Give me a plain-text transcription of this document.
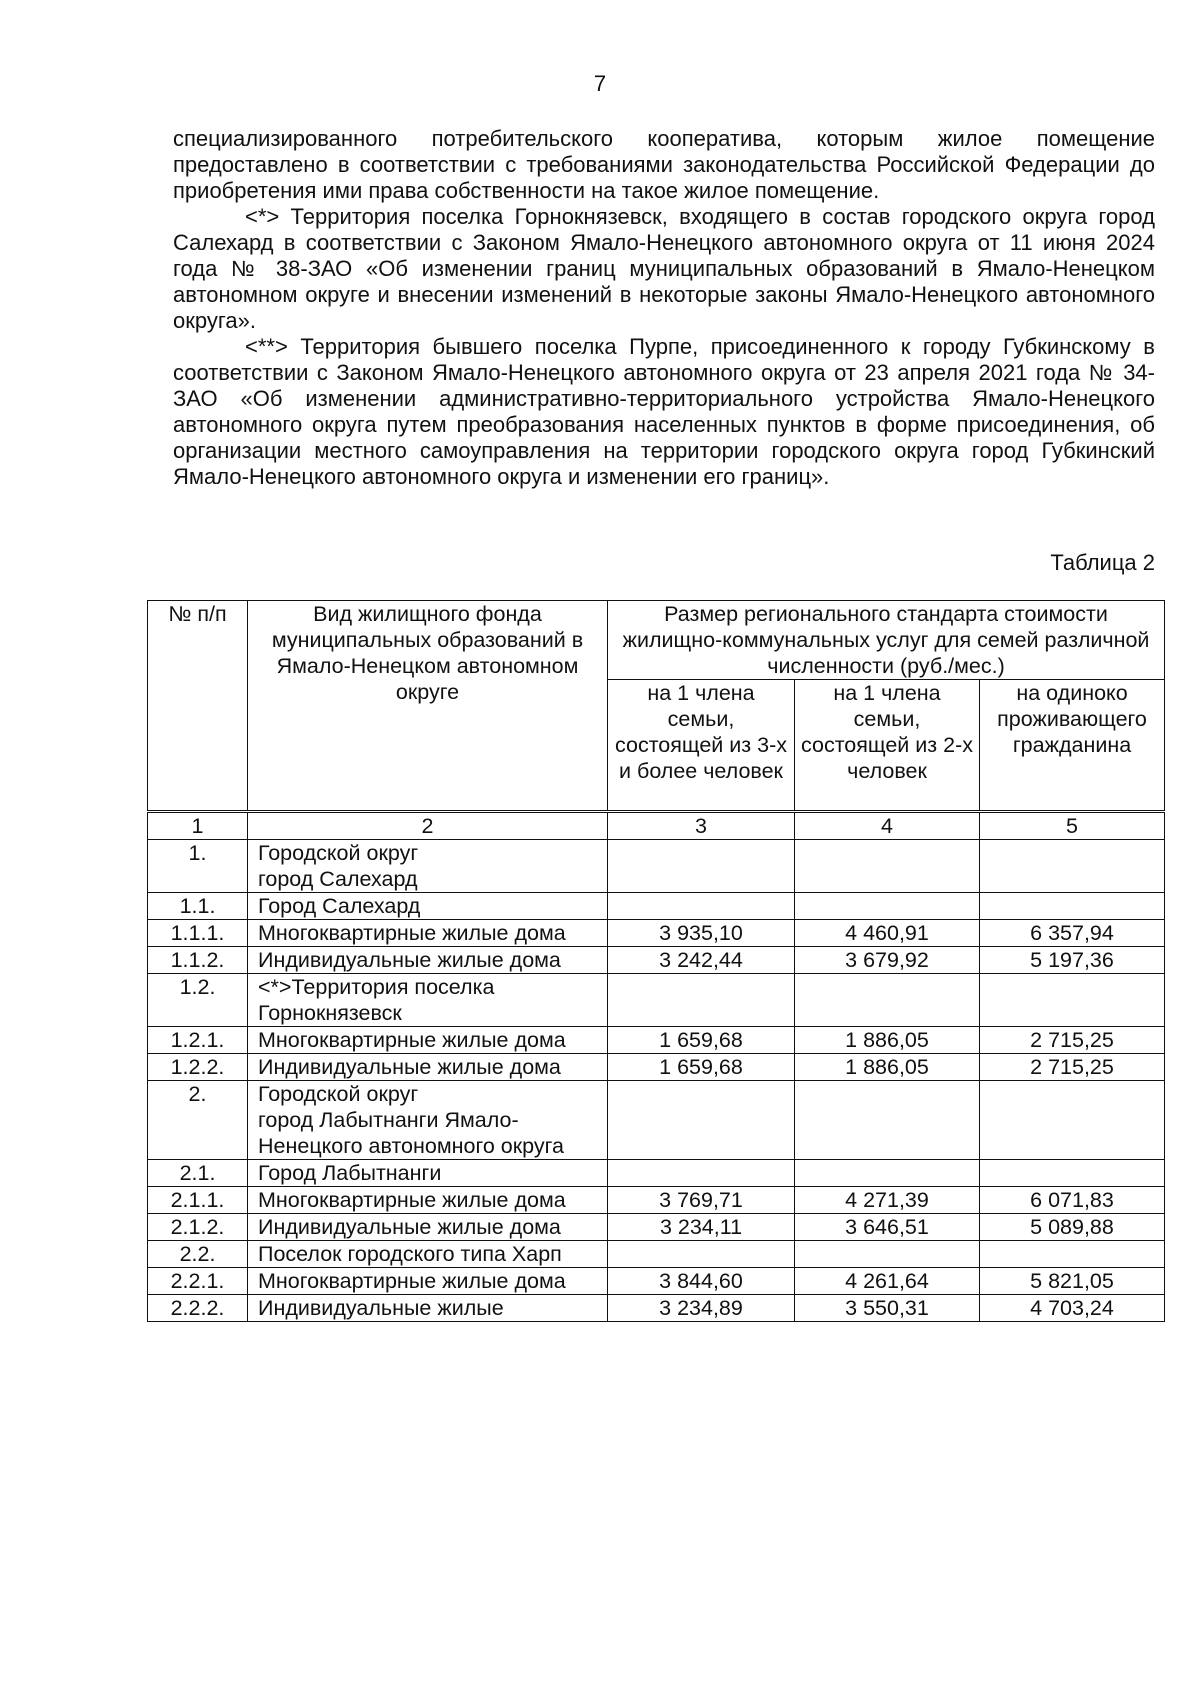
7

специализированного потребительского кооператива, которым жилое помещение предоставлено в соответствии с требованиями законодательства Российской Федерации до приобретения ими права собственности на такое жилое помещение.

<*> Территория поселка Горнокнязевск, входящего в состав городского округа город Салехард в соответствии с Законом Ямало-Ненецкого автономного округа от 11 июня 2024 года № 38-ЗАО «Об изменении границ муниципальных образований в Ямало-Ненецком автономном округе и внесении изменений в некоторые законы Ямало-Ненецкого автономного округа».

<**> Территория бывшего поселка Пурпе, присоединенного к городу Губкинскому в соответствии с Законом Ямало-Ненецкого автономного округа от 23 апреля 2021 года № 34-ЗАО «Об изменении административно-территориального устройства Ямало-Ненецкого автономного округа путем преобразования населенных пунктов в форме присоединения, об организации местного самоуправления на территории городского округа город Губкинский Ямало-Ненецкого автономного округа и изменении его границ».

Таблица 2
№ п/п	Вид жилищного фонда муниципальных образований в Ямало-Ненецком автономном округе	Размер регионального стандарта стоимости жилищно-коммунальных услуг для семей различной численности (руб./мес.)		
		на 1 члена семьи, состоящей из 3-х и более человек	на 1 члена семьи, состоящей из 2-х человек	на одиноко проживающего гражданина
1	2	3	4	5
1.	Городской округ
город Салехард			
1.1.	Город Салехард			
1.1.1.	Многоквартирные жилые дома	3 935,10	4 460,91	6 357,94
1.1.2.	Индивидуальные жилые дома	3 242,44	3 679,92	5 197,36
1.2.	<*>Территория поселка Горнокнязевск			
1.2.1.	Многоквартирные жилые дома	1 659,68	1 886,05	2 715,25
1.2.2.	Индивидуальные жилые дома	1 659,68	1 886,05	2 715,25
2.	Городской округ
город Лабытнанги Ямало-Ненецкого автономного округа			
2.1.	Город Лабытнанги			
2.1.1.	Многоквартирные жилые дома	3 769,71	4 271,39	6 071,83
2.1.2.	Индивидуальные жилые дома	3 234,11	3 646,51	5 089,88
2.2.	Поселок городского типа Харп			
2.2.1.	Многоквартирные жилые дома	3 844,60	4 261,64	5 821,05
2.2.2.	Индивидуальные жилые	3 234,89	3 550,31	4 703,24
